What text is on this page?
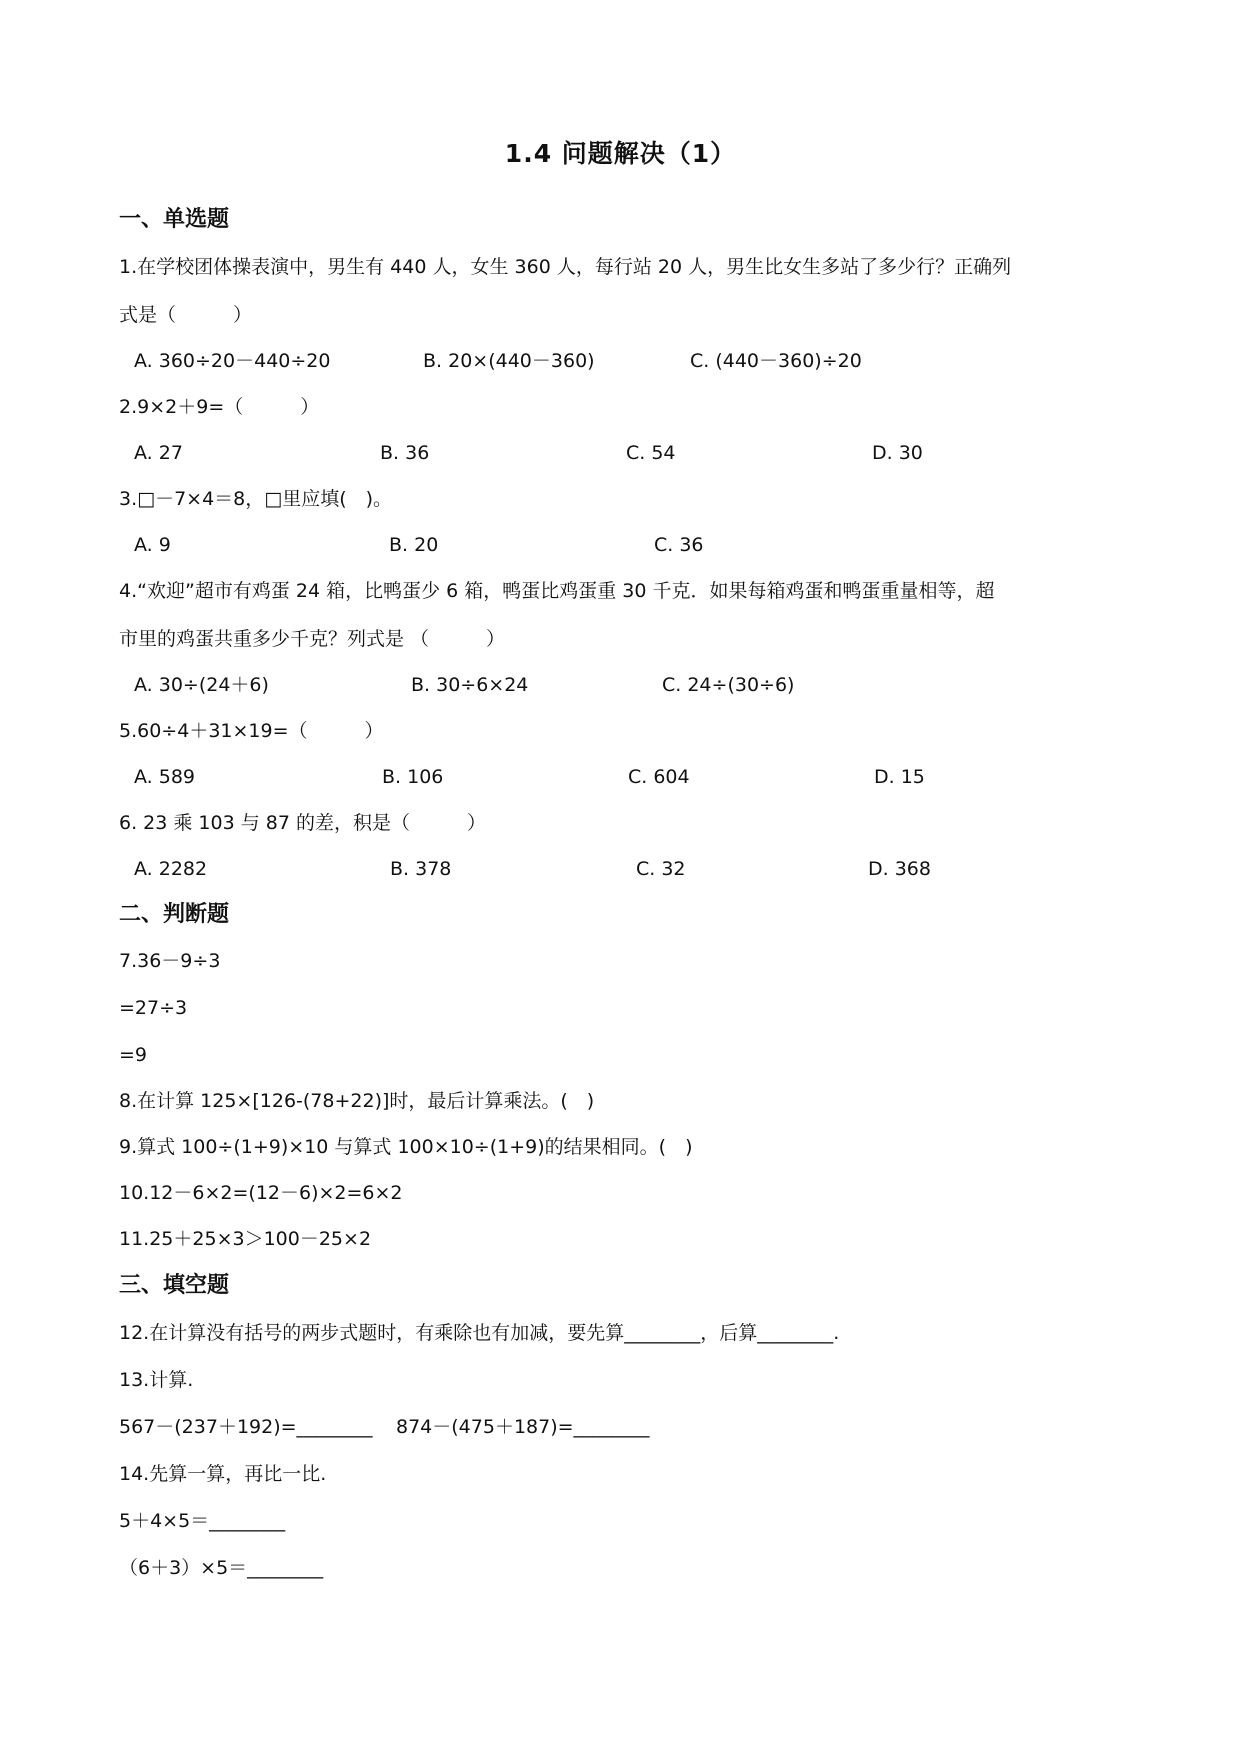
1.4 问题解决（1）
一、单选题
1.在学校团体操表演中，男生有 440 人，女生 360 人，每行站 20 人，男生比女生多站了多少行？正确列
式是（　　　）
A. 360÷20－440÷20	B. 20×(440－360)	C. (440－360)÷20
2.9×2＋9=（　　　）
A. 27	B. 36	C. 54	D. 30
3.□－7×4＝8，□里应填(　)。
A. 9	B. 20	C. 36
4.“欢迎”超市有鸡蛋 24 箱，比鸭蛋少 6 箱，鸭蛋比鸡蛋重 30 千克．如果每箱鸡蛋和鸭蛋重量相等，超
市里的鸡蛋共重多少千克？列式是 （　　　）
A. 30÷(24＋6)	B. 30÷6×24	C. 24÷(30÷6)
5.60÷4＋31×19=（　　　）
A. 589	B. 106	C. 604	D. 15
6. 23 乘 103 与 87 的差，积是（　　　）
A. 2282	B. 378	C. 32	D. 368
二、判断题
7.36－9÷3
=27÷3
=9
8.在计算 125×[126-(78+22)]时，最后计算乘法。(　)
9.算式 100÷(1+9)×10 与算式 100×10÷(1+9)的结果相同。(　)
10.12－6×2=(12－6)×2=6×2
11.25＋25×3＞100－25×2
三、填空题
12.在计算没有括号的两步式题时，有乘除也有加减，要先算________，后算________.
13.计算.
567－(237＋192)=________ 874－(475＋187)=________
14.先算一算，再比一比.
5＋4×5＝________
（6＋3）×5＝________
